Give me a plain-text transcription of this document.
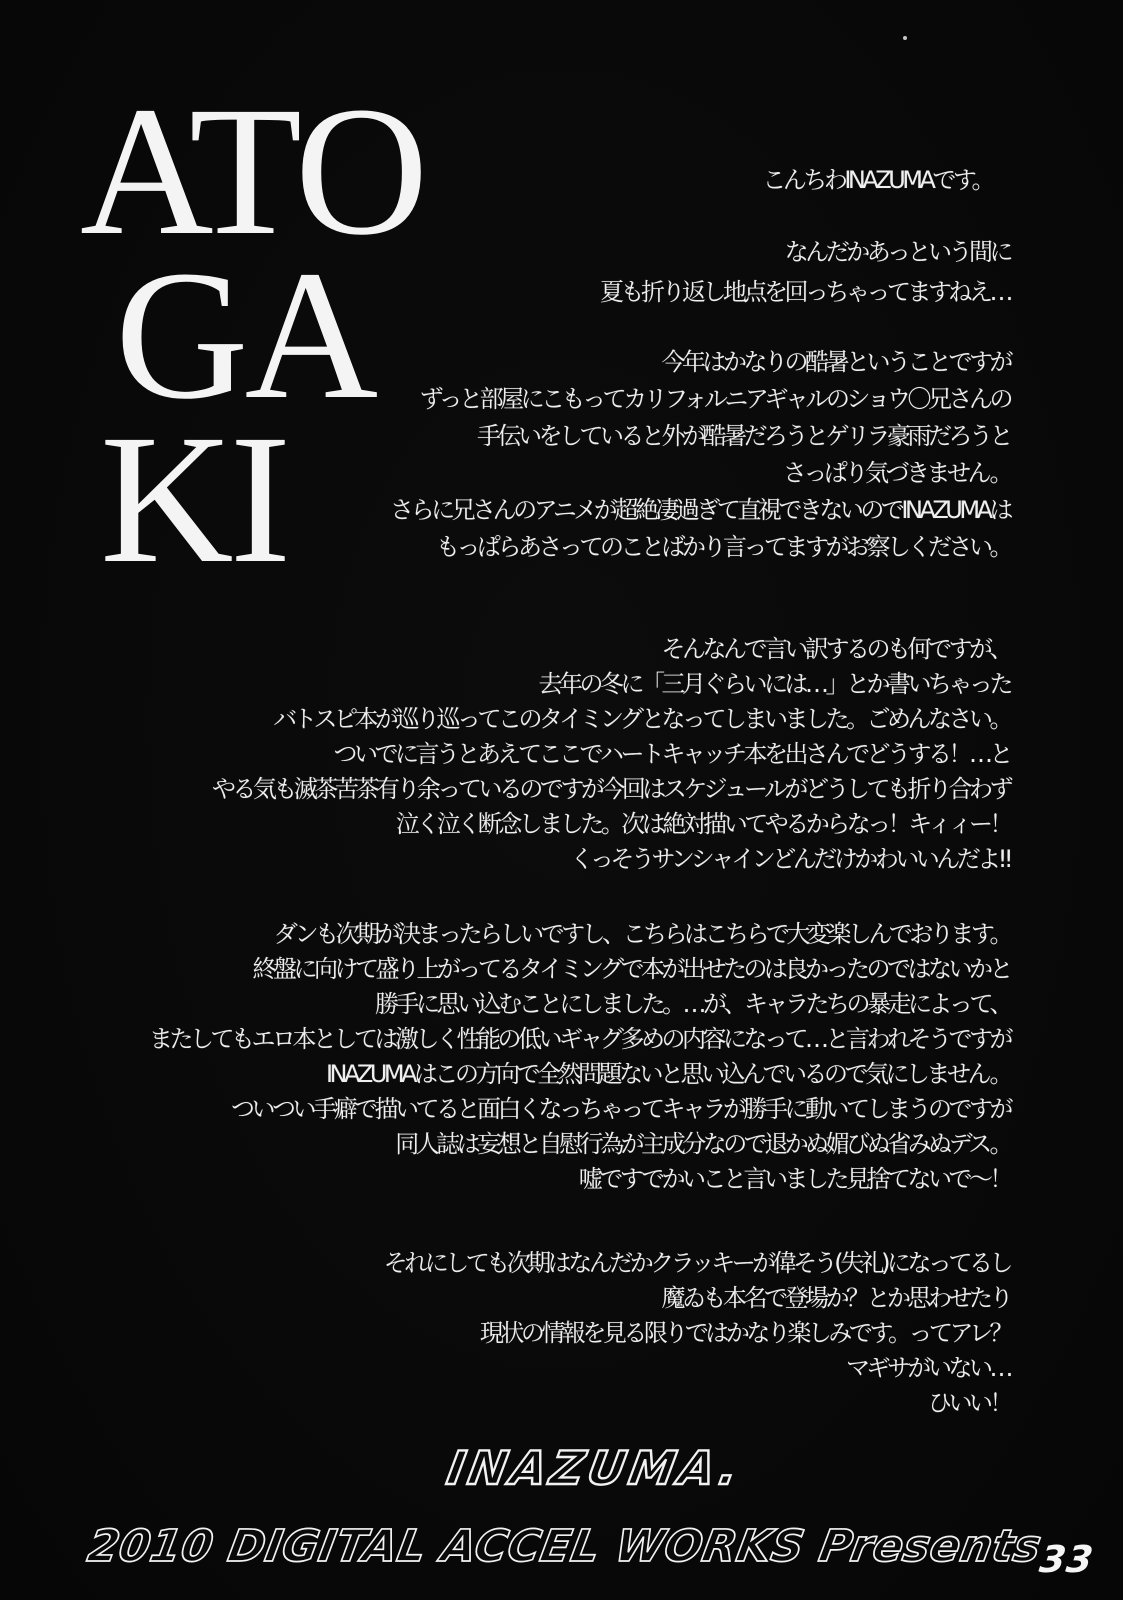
ATO
GA
KI
こんちわINAZUMAです。
なんだかあっという間に
夏も折り返し地点を回っちゃってますねえ…
今年はかなりの酷暑ということですが
ずっと部屋にこもってカリフォルニアギャルのショウ〇兄さんの
手伝いをしていると外が酷暑だろうとゲリラ豪雨だろうと
さっぱり気づきません。
さらに兄さんのアニメが超絶凄過ぎて直視できないのでINAZUMAは
もっぱらあさってのことばかり言ってますがお察しください。
そんなんで言い訳するのも何ですが、
去年の冬に「三月ぐらいには…」とか書いちゃった
バトスピ本が巡り巡ってこのタイミングとなってしまいました。ごめんなさい。
ついでに言うとあえてここでハートキャッチ本を出さんでどうする！…と
やる気も滅茶苦茶有り余っているのですが今回はスケジュールがどうしても折り合わず
泣く泣く断念しました。次は絶対描いてやるからなっ！キィィー！
くっそうサンシャインどんだけかわいいんだよ!!
ダンも次期が決まったらしいですし、こちらはこちらで大変楽しんでおります。
終盤に向けて盛り上がってるタイミングで本が出せたのは良かったのではないかと
勝手に思い込むことにしました。…が、キャラたちの暴走によって、
またしてもエロ本としては激しく性能の低いギャグ多めの内容になって…と言われそうですが
INAZUMAはこの方向で全然問題ないと思い込んでいるので気にしません。
ついつい手癖で描いてると面白くなっちゃってキャラが勝手に動いてしまうのですが
同人誌は妄想と自慰行為が主成分なので退かぬ媚びぬ省みぬデス。
嘘ですでかいこと言いました見捨てないで〜！
それにしても次期はなんだかクラッキーが偉そう(失礼)になってるし
魔ゐも本名で登場か？とか思わせたり
現状の情報を見る限りではかなり楽しみです。ってアレ？
マギサがいない…
ひいい！
INAZUMA.
2010 DIGITAL ACCEL WORKS Presents
33
